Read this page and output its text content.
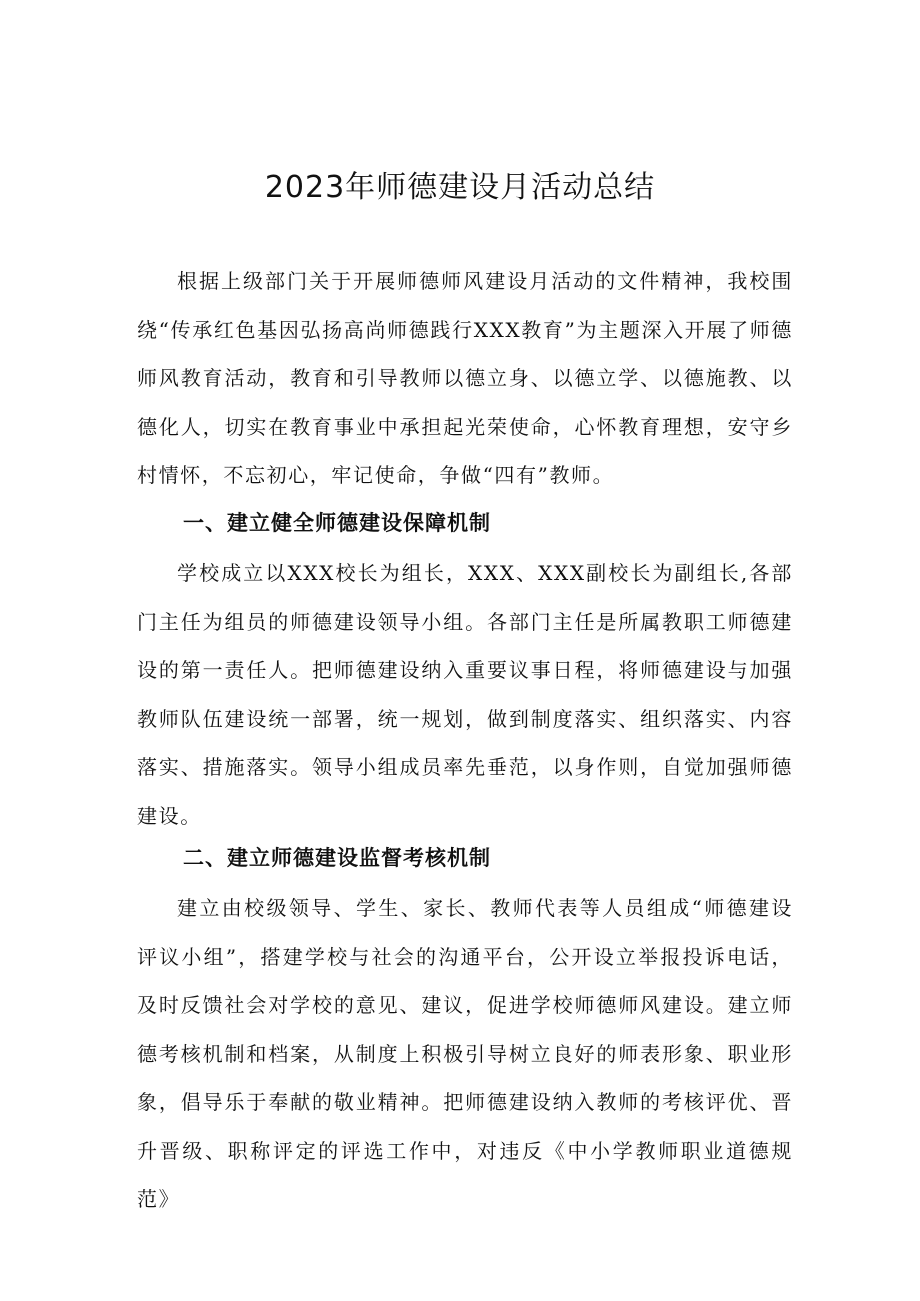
2023年师德建设月活动总结

根据上级部门关于开展师德师风建设月活动的文件精神，我校围绕“传承红色基因弘扬高尚师德践行XXX教育”为主题深入开展了师德师风教育活动，教育和引导教师以德立身、以德立学、以德施教、以德化人，切实在教育事业中承担起光荣使命，心怀教育理想，安守乡村情怀，不忘初心，牢记使命，争做“四有”教师。

一、建立健全师德建设保障机制

学校成立以XXX校长为组长，XXX、XXX副校长为副组长,各部门主任为组员的师德建设领导小组。各部门主任是所属教职工师德建设的第一责任人。把师德建设纳入重要议事日程，将师德建设与加强教师队伍建设统一部署，统一规划，做到制度落实、组织落实、内容落实、措施落实。领导小组成员率先垂范，以身作则，自觉加强师德建设。

二、建立师德建设监督考核机制

建立由校级领导、学生、家长、教师代表等人员组成“师德建设评议小组”，搭建学校与社会的沟通平台，公开设立举报投诉电话，及时反馈社会对学校的意见、建议，促进学校师德师风建设。建立师德考核机制和档案，从制度上积极引导树立良好的师表形象、职业形象，倡导乐于奉献的敬业精神。把师德建设纳入教师的考核评优、晋升晋级、职称评定的评选工作中，对违反《中小学教师职业道德规范》
